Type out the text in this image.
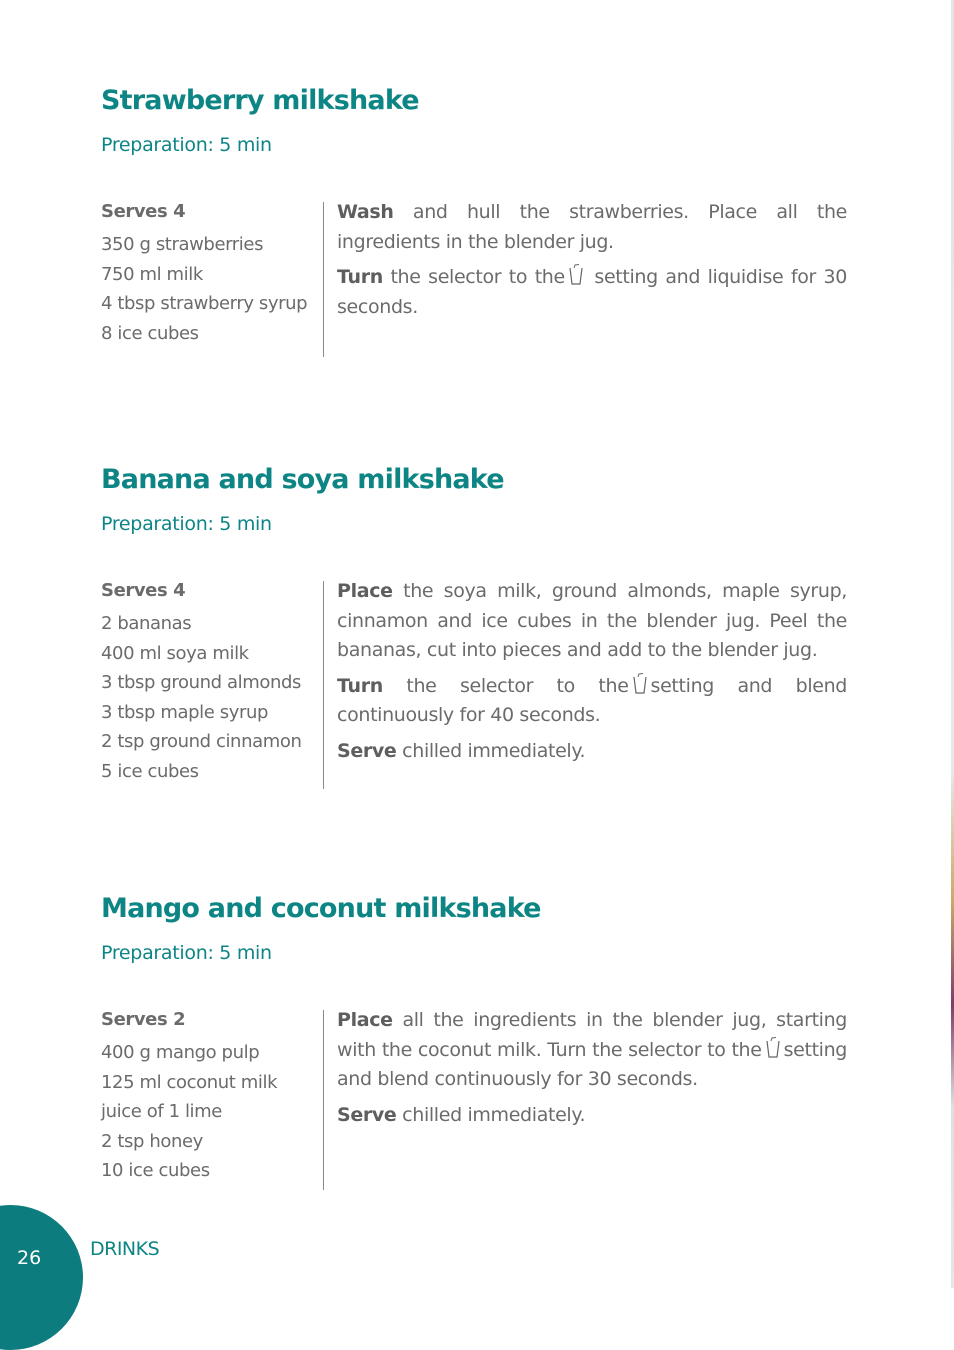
Strawberry milkshake
Preparation: 5 min
Serves 4
350 g strawberries
750 ml milk
4 tbsp strawberry syrup
8 ice cubes

Wash and hull the strawberries. Place all the ingredients in the blender jug.

Turn the selector to the setting and liquidise for 30 seconds.

Banana and soya milkshake
Preparation: 5 min
Serves 4
2 bananas
400 ml soya milk
3 tbsp ground almonds
3 tbsp maple syrup
2 tsp ground cinnamon
5 ice cubes

Place the soya milk, ground almonds, maple syrup, cinnamon and ice cubes in the blender jug. Peel the bananas, cut into pieces and add to the blender jug.

Turn the selector to the setting and blend continuously for 40 seconds.

Serve chilled immediately.

Mango and coconut milkshake
Preparation: 5 min
Serves 2
400 g mango pulp
125 ml coconut milk
juice of 1 lime
2 tsp honey
10 ice cubes

Place all the ingredients in the blender jug, starting with the coconut milk. Turn the selector to the setting and blend continuously for 30 seconds.

Serve chilled immediately.

26	DRINKS
